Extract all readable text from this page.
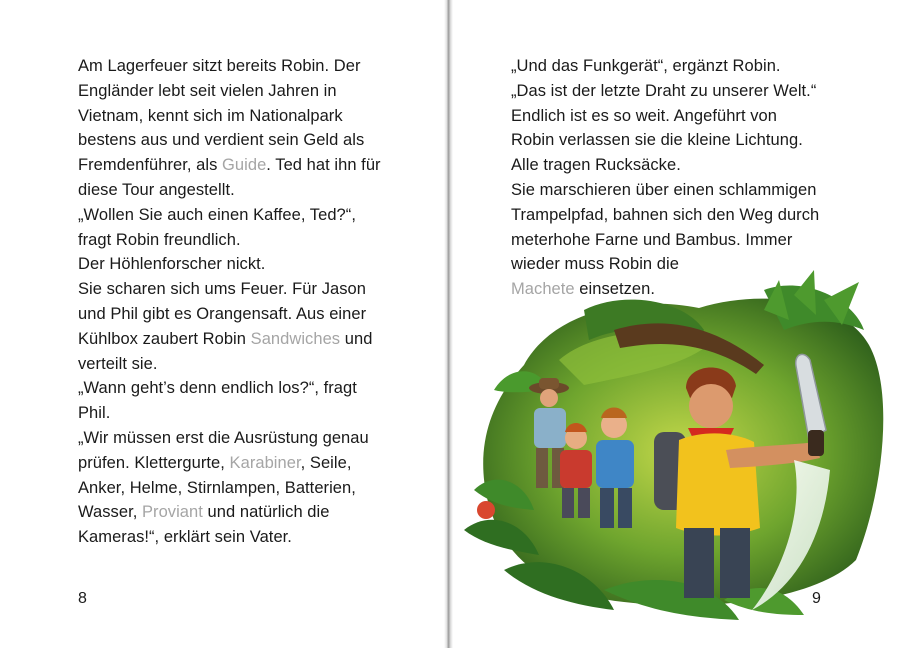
Am Lagerfeuer sitzt bereits Robin. Der
Engländer lebt seit vielen Jahren in
Vietnam, kennt sich im Nationalpark
bestens aus und verdient sein Geld als
Fremdenführer, als Guide. Ted hat ihn für
diese Tour angestellt.
„Wollen Sie auch einen Kaffee, Ted?“,
fragt Robin freundlich.
Der Höhlenforscher nickt.
Sie scharen sich ums Feuer. Für Jason
und Phil gibt es Orangensaft. Aus einer
Kühlbox zaubert Robin Sandwiches und
verteilt sie.
„Wann geht’s denn endlich los?“, fragt
Phil.
„Wir müssen erst die Ausrüstung genau
prüfen. Klettergurte, Karabiner, Seile,
Anker, Helme, Stirnlampen, Batterien,
Wasser, Proviant und natürlich die
Kameras!“, erklärt sein Vater.
8
„Und das Funkgerät“, ergänzt Robin.
„Das ist der letzte Draht zu unserer Welt.“
Endlich ist es so weit. Angeführt von
Robin verlassen sie die kleine Lichtung.
Alle tragen Rucksäcke.
Sie marschieren über einen schlammigen
Trampelpfad, bahnen sich den Weg durch
meterhohe Farne und Bambus. Immer
wieder muss Robin die
Machete einsetzen.
9
